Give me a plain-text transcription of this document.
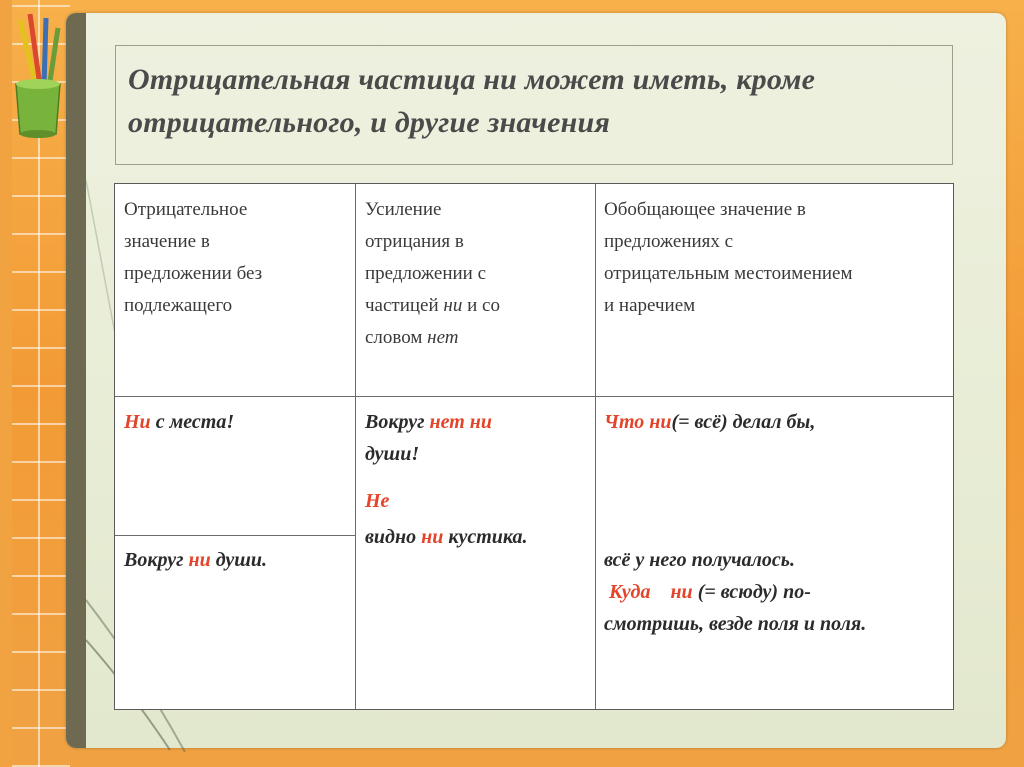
Отрицательная частица ни может иметь, кроме
отрицательного, и другие значения

Отрицательное
значение в
предложении без
подлежащего

Усиление
отрицания в
предложении с
частицей ни и со
словом нет

Обобщающее значение в
предложениях с
отрицательным местоимением
и наречием

Ни с места!

Вокруг ни души.

Вокруг нет ни
души!

Не

видно ни кустика.

Что ни(= всё) делал бы,

всё у него получалось.
Куда ни (= всюду) по-
смотришь, везде поля и поля.
